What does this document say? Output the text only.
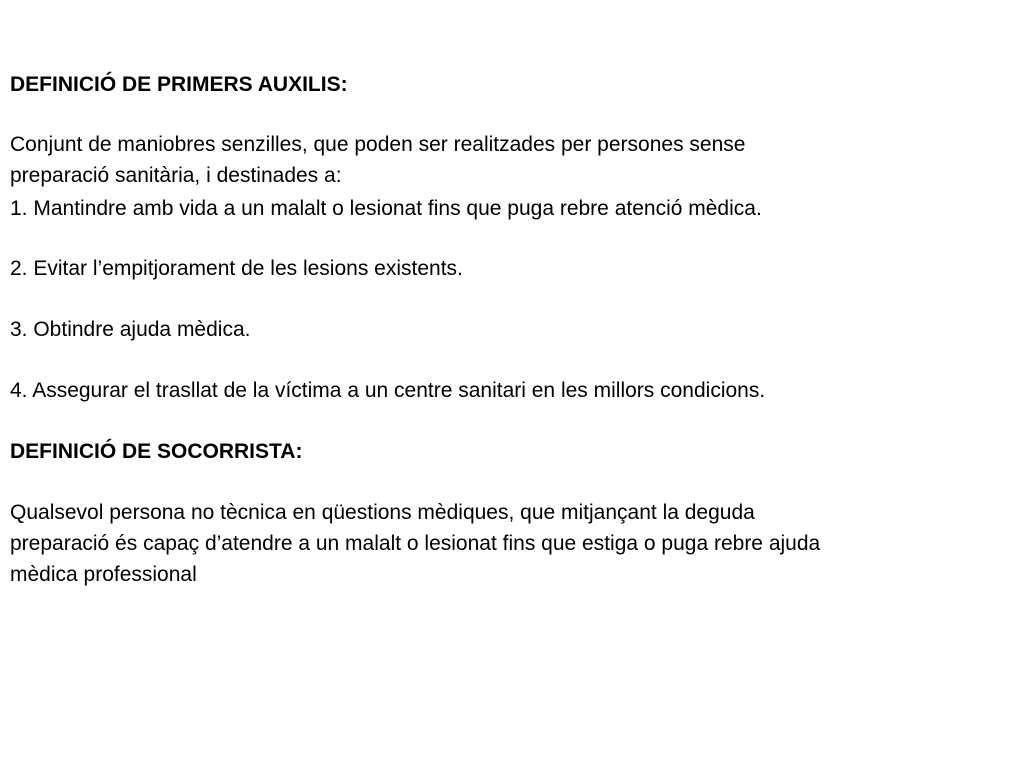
DEFINICIÓ DE PRIMERS AUXILIS:

Conjunt de maniobres senzilles, que poden ser realitzades per persones sense

preparació sanitària, i destinades a:

1. Mantindre amb vida a un malalt o lesionat fins que puga rebre atenció mèdica.

2. Evitar l’empitjorament de les lesions existents.

3. Obtindre ajuda mèdica.

4. Assegurar el trasllat de la víctima a un centre sanitari en les millors condicions.

DEFINICIÓ DE SOCORRISTA:

Qualsevol persona no tècnica en qüestions mèdiques, que mitjançant la deguda

preparació és capaç d’atendre a un malalt o lesionat fins que estiga o puga rebre ajuda

mèdica professional
